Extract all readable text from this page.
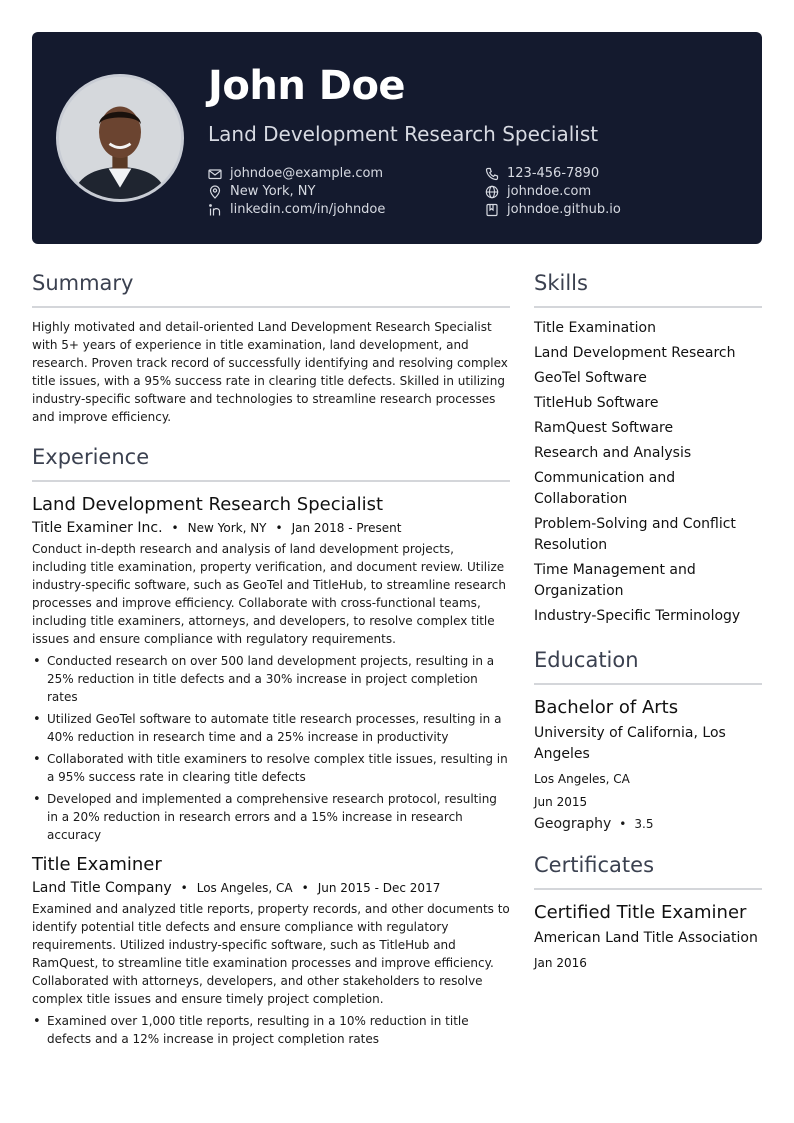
John Doe
Land Development Research Specialist
johndoe@example.com	123-456-7890
New York, NY	johndoe.com
linkedin.com/in/johndoe	johndoe.github.io
Summary

Highly motivated and detail-oriented Land Development Research Specialist with 5+ years of experience in title examination, land development, and research. Proven track record of successfully identifying and resolving complex title issues, with a 95% success rate in clearing title defects. Skilled in utilizing industry-specific software and technologies to streamline research processes and improve efficiency.

Experience
Land Development Research Specialist
Title Examiner Inc. • New York, NY • Jan 2018 - Present

Conduct in-depth research and analysis of land development projects, including title examination, property verification, and document review. Utilize industry-specific software, such as GeoTel and TitleHub, to streamline research processes and improve efficiency. Collaborate with cross-functional teams, including title examiners, attorneys, and developers, to resolve complex title issues and ensure compliance with regulatory requirements.

• Conducted research on over 500 land development projects, resulting in a 25% reduction in title defects and a 30% increase in project completion rates
• Utilized GeoTel software to automate title research processes, resulting in a 40% reduction in research time and a 25% increase in productivity
• Collaborated with title examiners to resolve complex title issues, resulting in a 95% success rate in clearing title defects
• Developed and implemented a comprehensive research protocol, resulting in a 20% reduction in research errors and a 15% increase in research accuracy
Title Examiner
Land Title Company • Los Angeles, CA • Jun 2015 - Dec 2017

Examined and analyzed title reports, property records, and other documents to identify potential title defects and ensure compliance with regulatory requirements. Utilized industry-specific software, such as TitleHub and RamQuest, to streamline title examination processes and improve efficiency. Collaborated with attorneys, developers, and other stakeholders to resolve complex title issues and ensure timely project completion.

• Examined over 1,000 title reports, resulting in a 10% reduction in title defects and a 12% increase in project completion rates
Skills
Title Examination
Land Development Research
GeoTel Software
TitleHub Software
RamQuest Software
Research and Analysis
Communication and Collaboration
Problem-Solving and Conflict Resolution
Time Management and Organization
Industry-Specific Terminology
Education
Bachelor of Arts
University of California, Los Angeles
Los Angeles, CA
Jun 2015
Geography • 3.5
Certificates
Certified Title Examiner
American Land Title Association
Jan 2016
